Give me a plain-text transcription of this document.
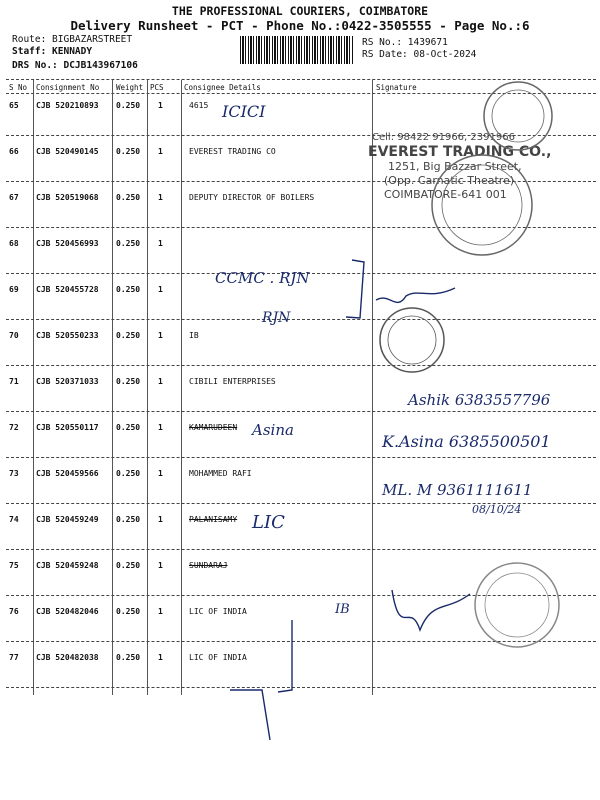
THE PROFESSIONAL COURIERS, COIMBATORE
Delivery Runsheet - PCT - Phone No.:0422-3505555 - Page No.:6
Route: BIGBAZARSTREET
Staff: KENNADY
DRS No.: DCJB143967106
RS No.: 1439671
RS Date: 08-Oct-2024
S No Consignment No Weight PCS	Consignee Details	Signature
65 CJB 520210893 0.250 1	4615
66 CJB 520490145 0.250 1	EVEREST TRADING CO
67 CJB 520519068 0.250 1	DEPUTY DIRECTOR OF BOILERS
68 CJB 520456993 0.250 1
69 CJB 520455728 0.250 1
70 CJB 520550233 0.250 1	IB
71 CJB 520371033 0.250 1	CIBILI ENTERPRISES
72 CJB 520550117 0.250 1	KAMARUDEEN
73 CJB 520459566 0.250 1	MOHAMMED RAFI
74 CJB 520459249 0.250 1	PALANISAMY
75 CJB 520459248 0.250 1	SUNDARAJ
76 CJB 520482046 0.250 1	LIC OF INDIA
77 CJB 520482038 0.250 1	LIC OF INDIA
Cell: 98422 91966, 2391966
EVEREST TRADING CO.,
1251, Big Bazzar Street,
(Opp. Carnatic Theatre)
COIMBATORE-641 001
ICICI
CCMC . RJN
RJN
Ashik 6383557796
Asina
K.Asina 6385500501
ML. M 9361111611
08/10/24
LIC
IB
